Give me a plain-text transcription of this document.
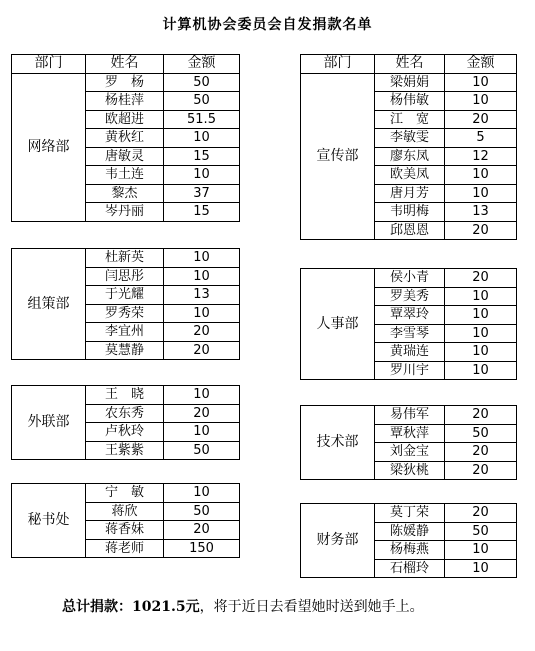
计算机协会委员会自发捐款名单
部门	姓名	金额
网络部	罗　杨	50
	杨桂萍	50
	欧超进	51.5
	黄秋红	10
	唐敏灵	15
	韦土连	10
	黎杰	37
	岑丹丽	15
组策部	杜新英	10
	闫思彤	10
	于光耀	13
	罗秀荣	10
	李宜州	20
	莫慧静	20
外联部	王　晓	10
	农东秀	20
	卢秋玲	10
	王紫紫	50
秘书处	宁　敏	10
	蒋欣	50
	蒋香妹	20
	蒋老师	150
部门	姓名	金额
宣传部	梁娟娟	10
	杨伟敏	10
	江　宽	20
	李敏雯	5
	廖东凤	12
	欧美凤	10
	唐月芳	10
	韦明梅	13
	邱恩恩	20
人事部	侯小青	20
	罗美秀	10
	覃翠玲	10
	李雪琴	10
	黄瑞连	10
	罗川宇	10
技术部	易伟军	20
	覃秋萍	50
	刘金宝	20
	梁狄桃	20
财务部	莫丁荣	20
	陈媛静	50
	杨梅燕	10
	石榴玲	10
总计捐款：1021.5元，将于近日去看望她时送到她手上。
